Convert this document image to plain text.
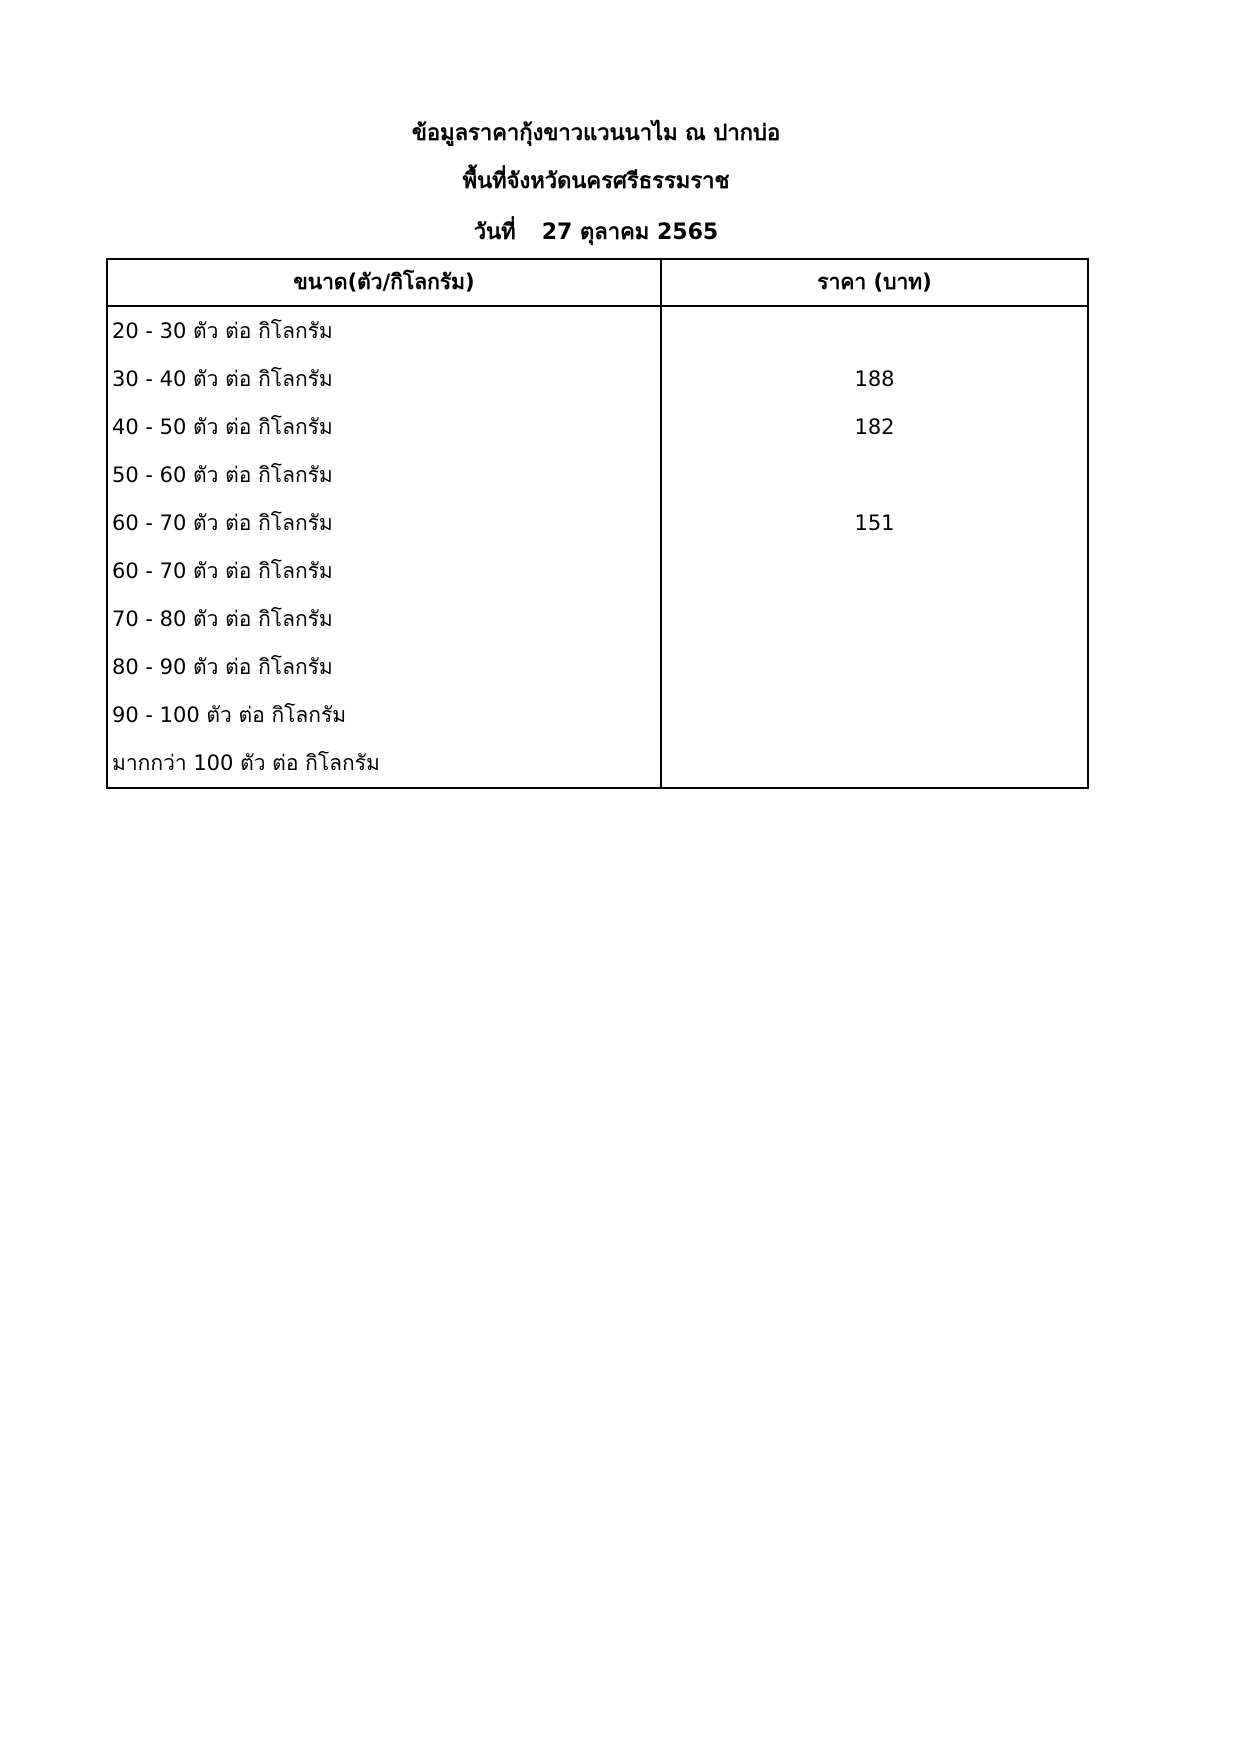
ข้อมูลราคากุ้งขาวแวนนาไม ณ ปากบ่อ
พื้นที่จังหวัดนครศรีธรรมราช
วันที่ 27 ตุลาคม 2565
ขนาด(ตัว/กิโลกรัม)	ราคา (บาท)
20 - 30 ตัว ต่อ กิโลกรัม	
30 - 40 ตัว ต่อ กิโลกรัม	188
40 - 50 ตัว ต่อ กิโลกรัม	182
50 - 60 ตัว ต่อ กิโลกรัม	
60 - 70 ตัว ต่อ กิโลกรัม	151
60 - 70 ตัว ต่อ กิโลกรัม	
70 - 80 ตัว ต่อ กิโลกรัม	
80 - 90 ตัว ต่อ กิโลกรัม	
90 - 100 ตัว ต่อ กิโลกรัม	
มากกว่า 100 ตัว ต่อ กิโลกรัม	
